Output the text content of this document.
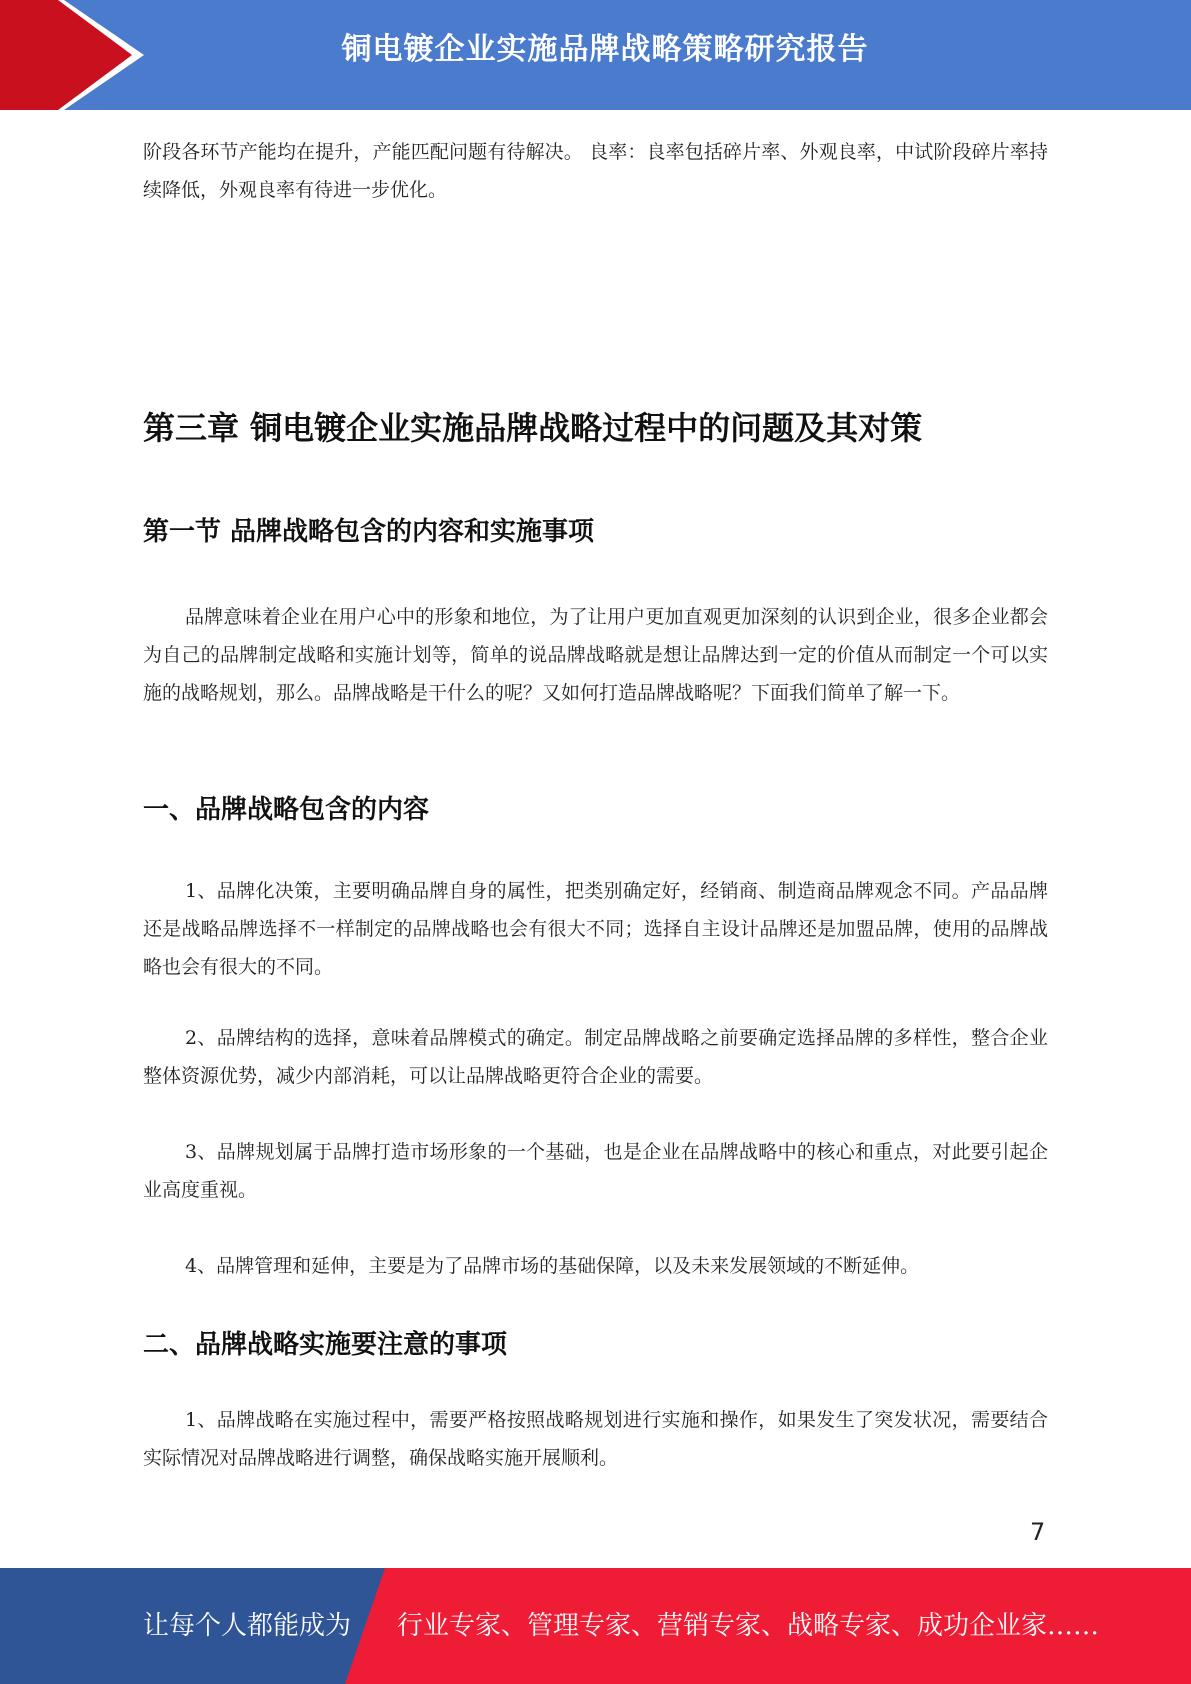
铜电镀企业实施品牌战略策略研究报告

阶段各环节产能均在提升，产能匹配问题有待解决。 良率：良率包括碎片率、外观良率，中试阶段碎片率持续降低，外观良率有待进一步优化。

第三章 铜电镀企业实施品牌战略过程中的问题及其对策
第一节 品牌战略包含的内容和实施事项

品牌意味着企业在用户心中的形象和地位，为了让用户更加直观更加深刻的认识到企业，很多企业都会为自己的品牌制定战略和实施计划等，简单的说品牌战略就是想让品牌达到一定的价值从而制定一个可以实施的战略规划，那么。品牌战略是干什么的呢？又如何打造品牌战略呢？下面我们简单了解一下。

一、品牌战略包含的内容

1、品牌化决策，主要明确品牌自身的属性，把类别确定好，经销商、制造商品牌观念不同。产品品牌还是战略品牌选择不一样制定的品牌战略也会有很大不同；选择自主设计品牌还是加盟品牌，使用的品牌战略也会有很大的不同。

2、品牌结构的选择，意味着品牌模式的确定。制定品牌战略之前要确定选择品牌的多样性，整合企业整体资源优势，减少内部消耗，可以让品牌战略更符合企业的需要。

3、品牌规划属于品牌打造市场形象的一个基础，也是企业在品牌战略中的核心和重点，对此要引起企业高度重视。

4、品牌管理和延伸，主要是为了品牌市场的基础保障，以及未来发展领域的不断延伸。

二、品牌战略实施要注意的事项

1、品牌战略在实施过程中，需要严格按照战略规划进行实施和操作，如果发生了突发状况，需要结合实际情况对品牌战略进行调整，确保战略实施开展顺利。

7
让每个人都能成为 行业专家、管理专家、营销专家、战略专家、成功企业家……
